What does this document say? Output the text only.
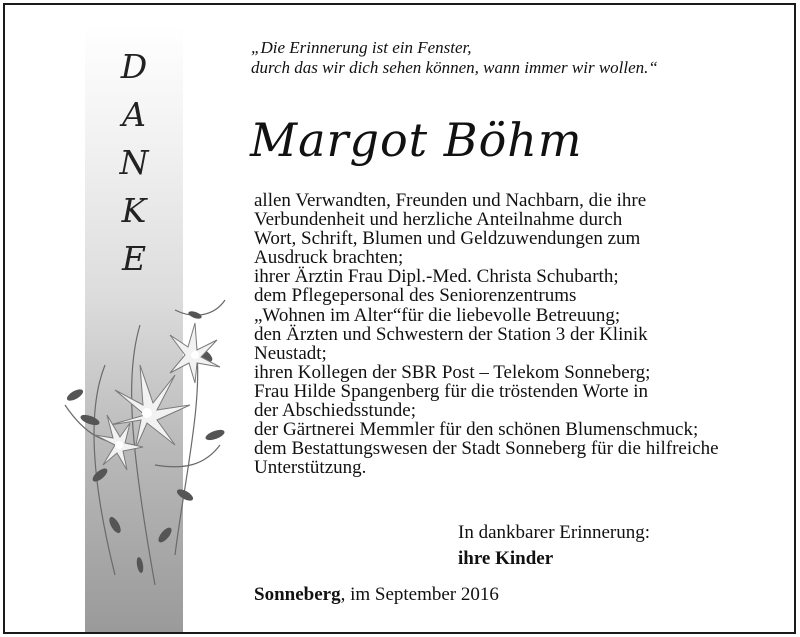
D
A
N
K
E
„Die Erinnerung ist ein Fenster,
durch das wir dich sehen können, wann immer wir wollen.“
Margot Böhm
allen Verwandten, Freunden und Nachbarn, die ihre
Verbundenheit und herzliche Anteilnahme durch
Wort, Schrift, Blumen und Geldzuwendungen zum
Ausdruck brachten;
ihrer Ärztin Frau Dipl.-Med. Christa Schubarth;
dem Pflegepersonal des Seniorenzentrums
„Wohnen im Alter“für die liebevolle Betreuung;
den Ärzten und Schwestern der Station 3 der Klinik
Neustadt;
ihren Kollegen der SBR Post – Telekom Sonneberg;
Frau Hilde Spangenberg für die tröstenden Worte in
der Abschiedsstunde;
der Gärtnerei Memmler für den schönen Blumenschmuck;
dem Bestattungswesen der Stadt Sonneberg für die hilfreiche
Unterstützung.
In dankbarer Erinnerung:
ihre Kinder
Sonneberg, im September 2016
